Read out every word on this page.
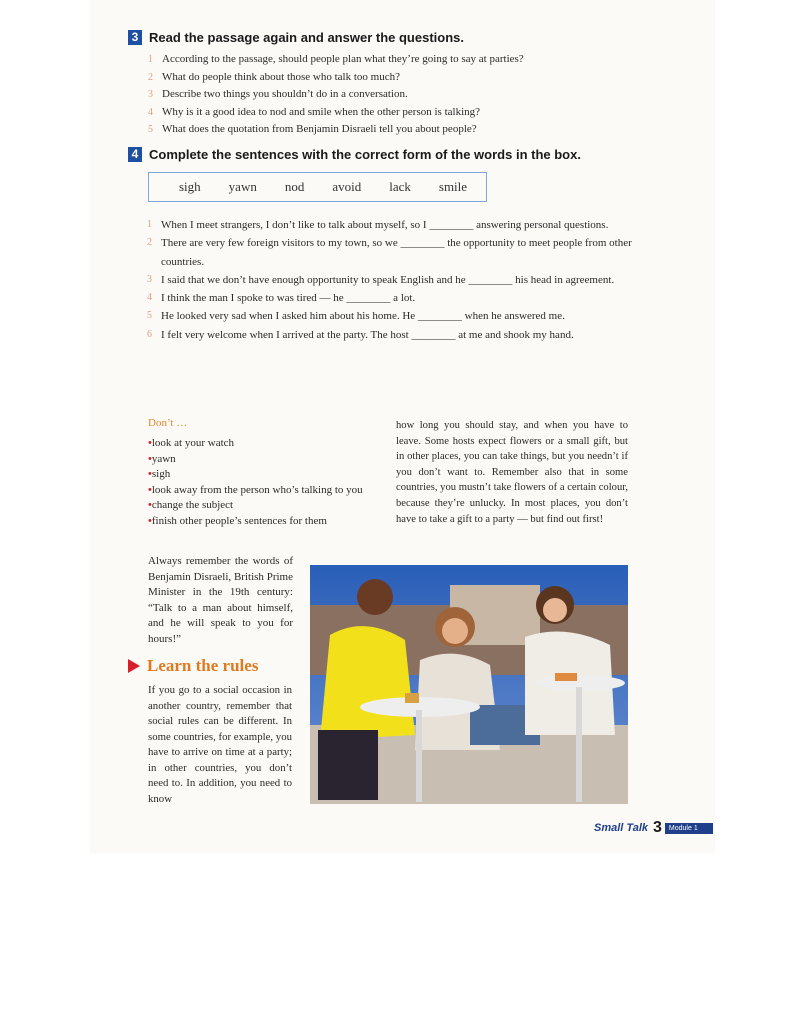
3 Read the passage again and answer the questions.
1 According to the passage, should people plan what they’re going to say at parties?
2 What do people think about those who talk too much?
3 Describe two things you shouldn’t do in a conversation.
4 Why is it a good idea to nod and smile when the other person is talking?
5 What does the quotation from Benjamin Disraeli tell you about people?
4 Complete the sentences with the correct form of the words in the box.
sigh yawn nod avoid lack smile
1 When I meet strangers, I don’t like to talk about myself, so I ________ answering personal questions.
2 There are very few foreign visitors to my town, so we ________ the opportunity to meet people from other countries.
3 I said that we don’t have enough opportunity to speak English and he ________ his head in agreement.
4 I think the man I spoke to was tired — he ________ a lot.
5 He looked very sad when I asked him about his home. He ________ when he answered me.
6 I felt very welcome when I arrived at the party. The host ________ at me and shook my hand.
Don’t …
•look at your watch
•yawn
•sigh
•look away from the person who’s talking to you
•change the subject
•finish other people’s sentences for them

how long you should stay, and when you have to leave. Some hosts expect flowers or a small gift, but in other places, you can take things, but you needn’t if you don’t want to. Remember also that in some countries, you mustn’t take flowers of a certain colour, because they’re unlucky. In most places, you don’t have to take a gift to a party — but find out first!

Always remember the words of Benjamin Disraeli, British Prime Minister in the 19th century: “Talk to a man about himself, and he will speak to you for hours!”

Learn the rules

If you go to a social occasion in another country, remember that social rules can be different. In some countries, for example, you have to arrive on time at a party; in other countries, you don’t need to. In addition, you need to know

Small Talk 3	Module 1
